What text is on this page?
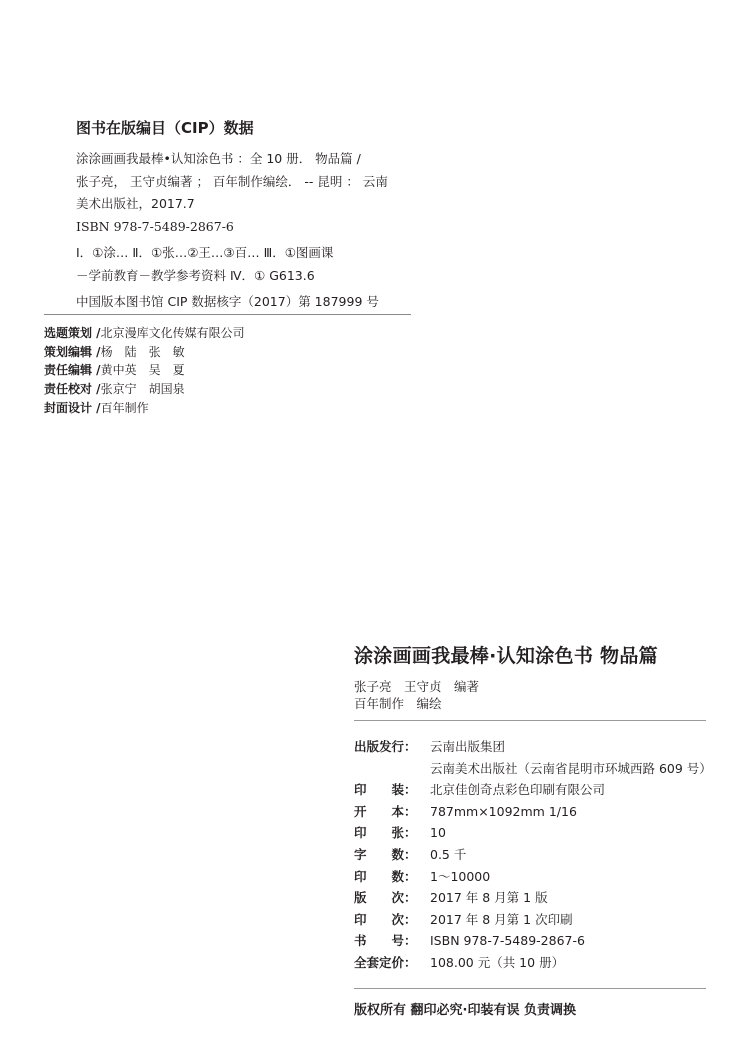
图书在版编目（CIP）数据
涂涂画画我最棒•认知涂色书 ：全 10 册． 物品篇 /
张子亮， 王守贞编著 ； 百年制作编绘． -- 昆明 ： 云南
美术出版社，2017.7
ISBN 978-7-5489-2867-6
Ⅰ．①涂… Ⅱ．①张…②王…③百… Ⅲ．①图画课
－学前教育－教学参考资料 Ⅳ．① G613.6
中国版本图书馆 CIP 数据核字（2017）第 187999 号
选题策划 /北京漫库文化传媒有限公司
策划编辑 /杨　陆　张　敏
责任编辑 /黄中英　吴　夏
责任校对 /张京宁　胡国泉
封面设计 /百年制作
涂涂画画我最棒·认知涂色书 物品篇
张子亮　王守贞　编著
百年制作　编绘
出版发行： 云南出版集团
云南美术出版社（云南省昆明市环城西路 609 号）
印　　装： 北京佳创奇点彩色印刷有限公司
开　　本： 787mm×1092mm 1/16
印　　张： 10
字　　数： 0.5 千
印　　数： 1～10000
版　　次： 2017 年 8 月第 1 版
印　　次： 2017 年 8 月第 1 次印刷
书　　号： ISBN 978-7-5489-2867-6
全套定价： 108.00 元（共 10 册）
版权所有 翻印必究·印装有误 负责调换
